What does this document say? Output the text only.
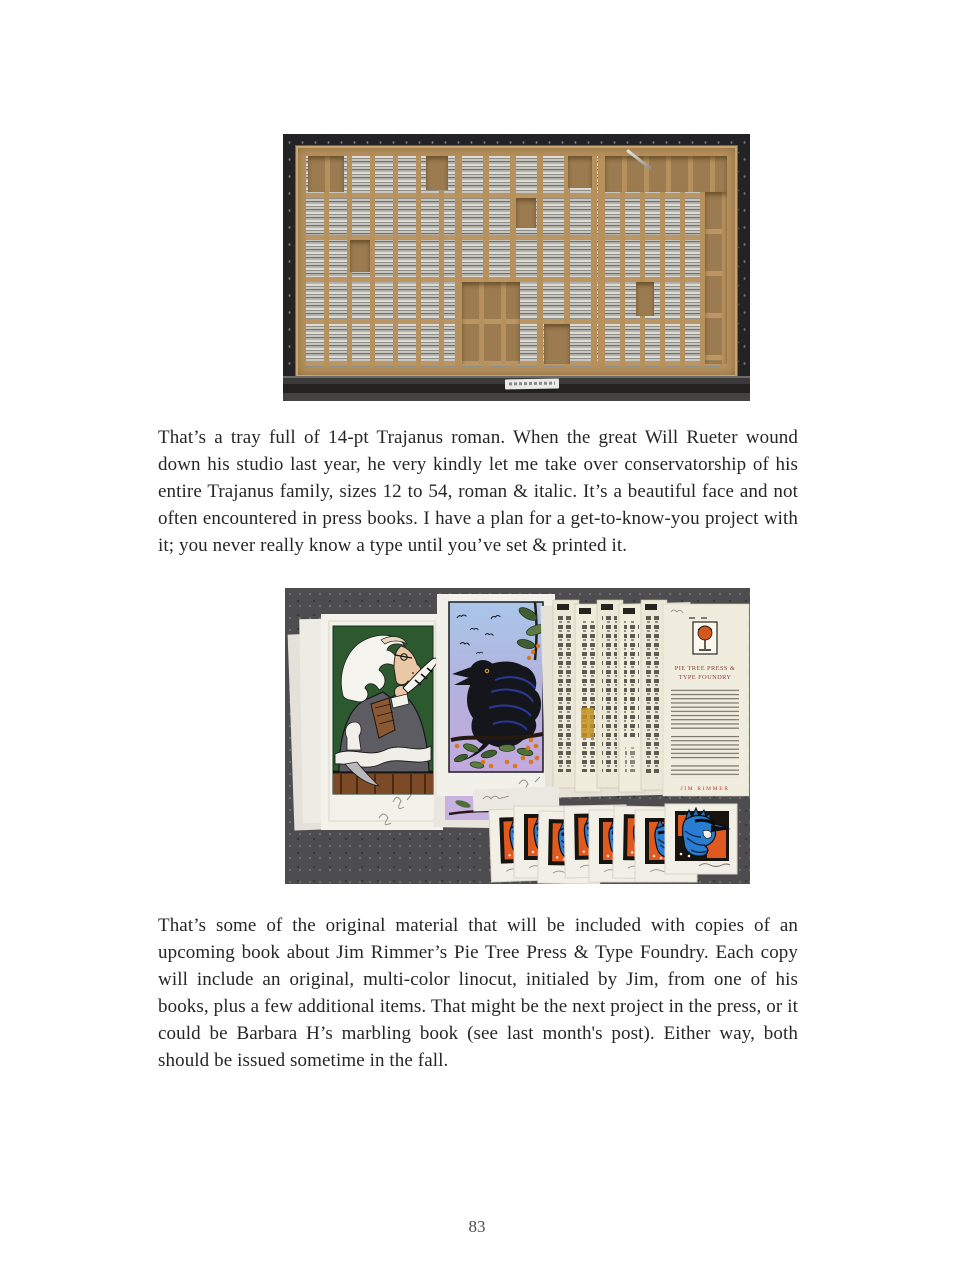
That’s a tray full of 14-pt Trajanus roman. When the great Will Rueter wound down his studio last year, he very kindly let me take over conservatorship of his entire Trajanus family, sizes 12 to 54, roman & italic. It’s a beautiful face and not often encountered in press books. I have a plan for a get-to-know-you project with it; you never really know a type until you’ve set & printed it.

PIE TREE PRESS &
TYPE FOUNDRY
JIM RIMMER

That’s some of the original material that will be included with copies of an upcoming book about Jim Rimmer’s Pie Tree Press & Type Foundry. Each copy will include an original, multi-color linocut, initialed by Jim, from one of his books, plus a few additional items. That might be the next project in the press, or it could be Barbara H’s marbling book (see last month's post). Either way, both should be issued sometime in the fall.

83
